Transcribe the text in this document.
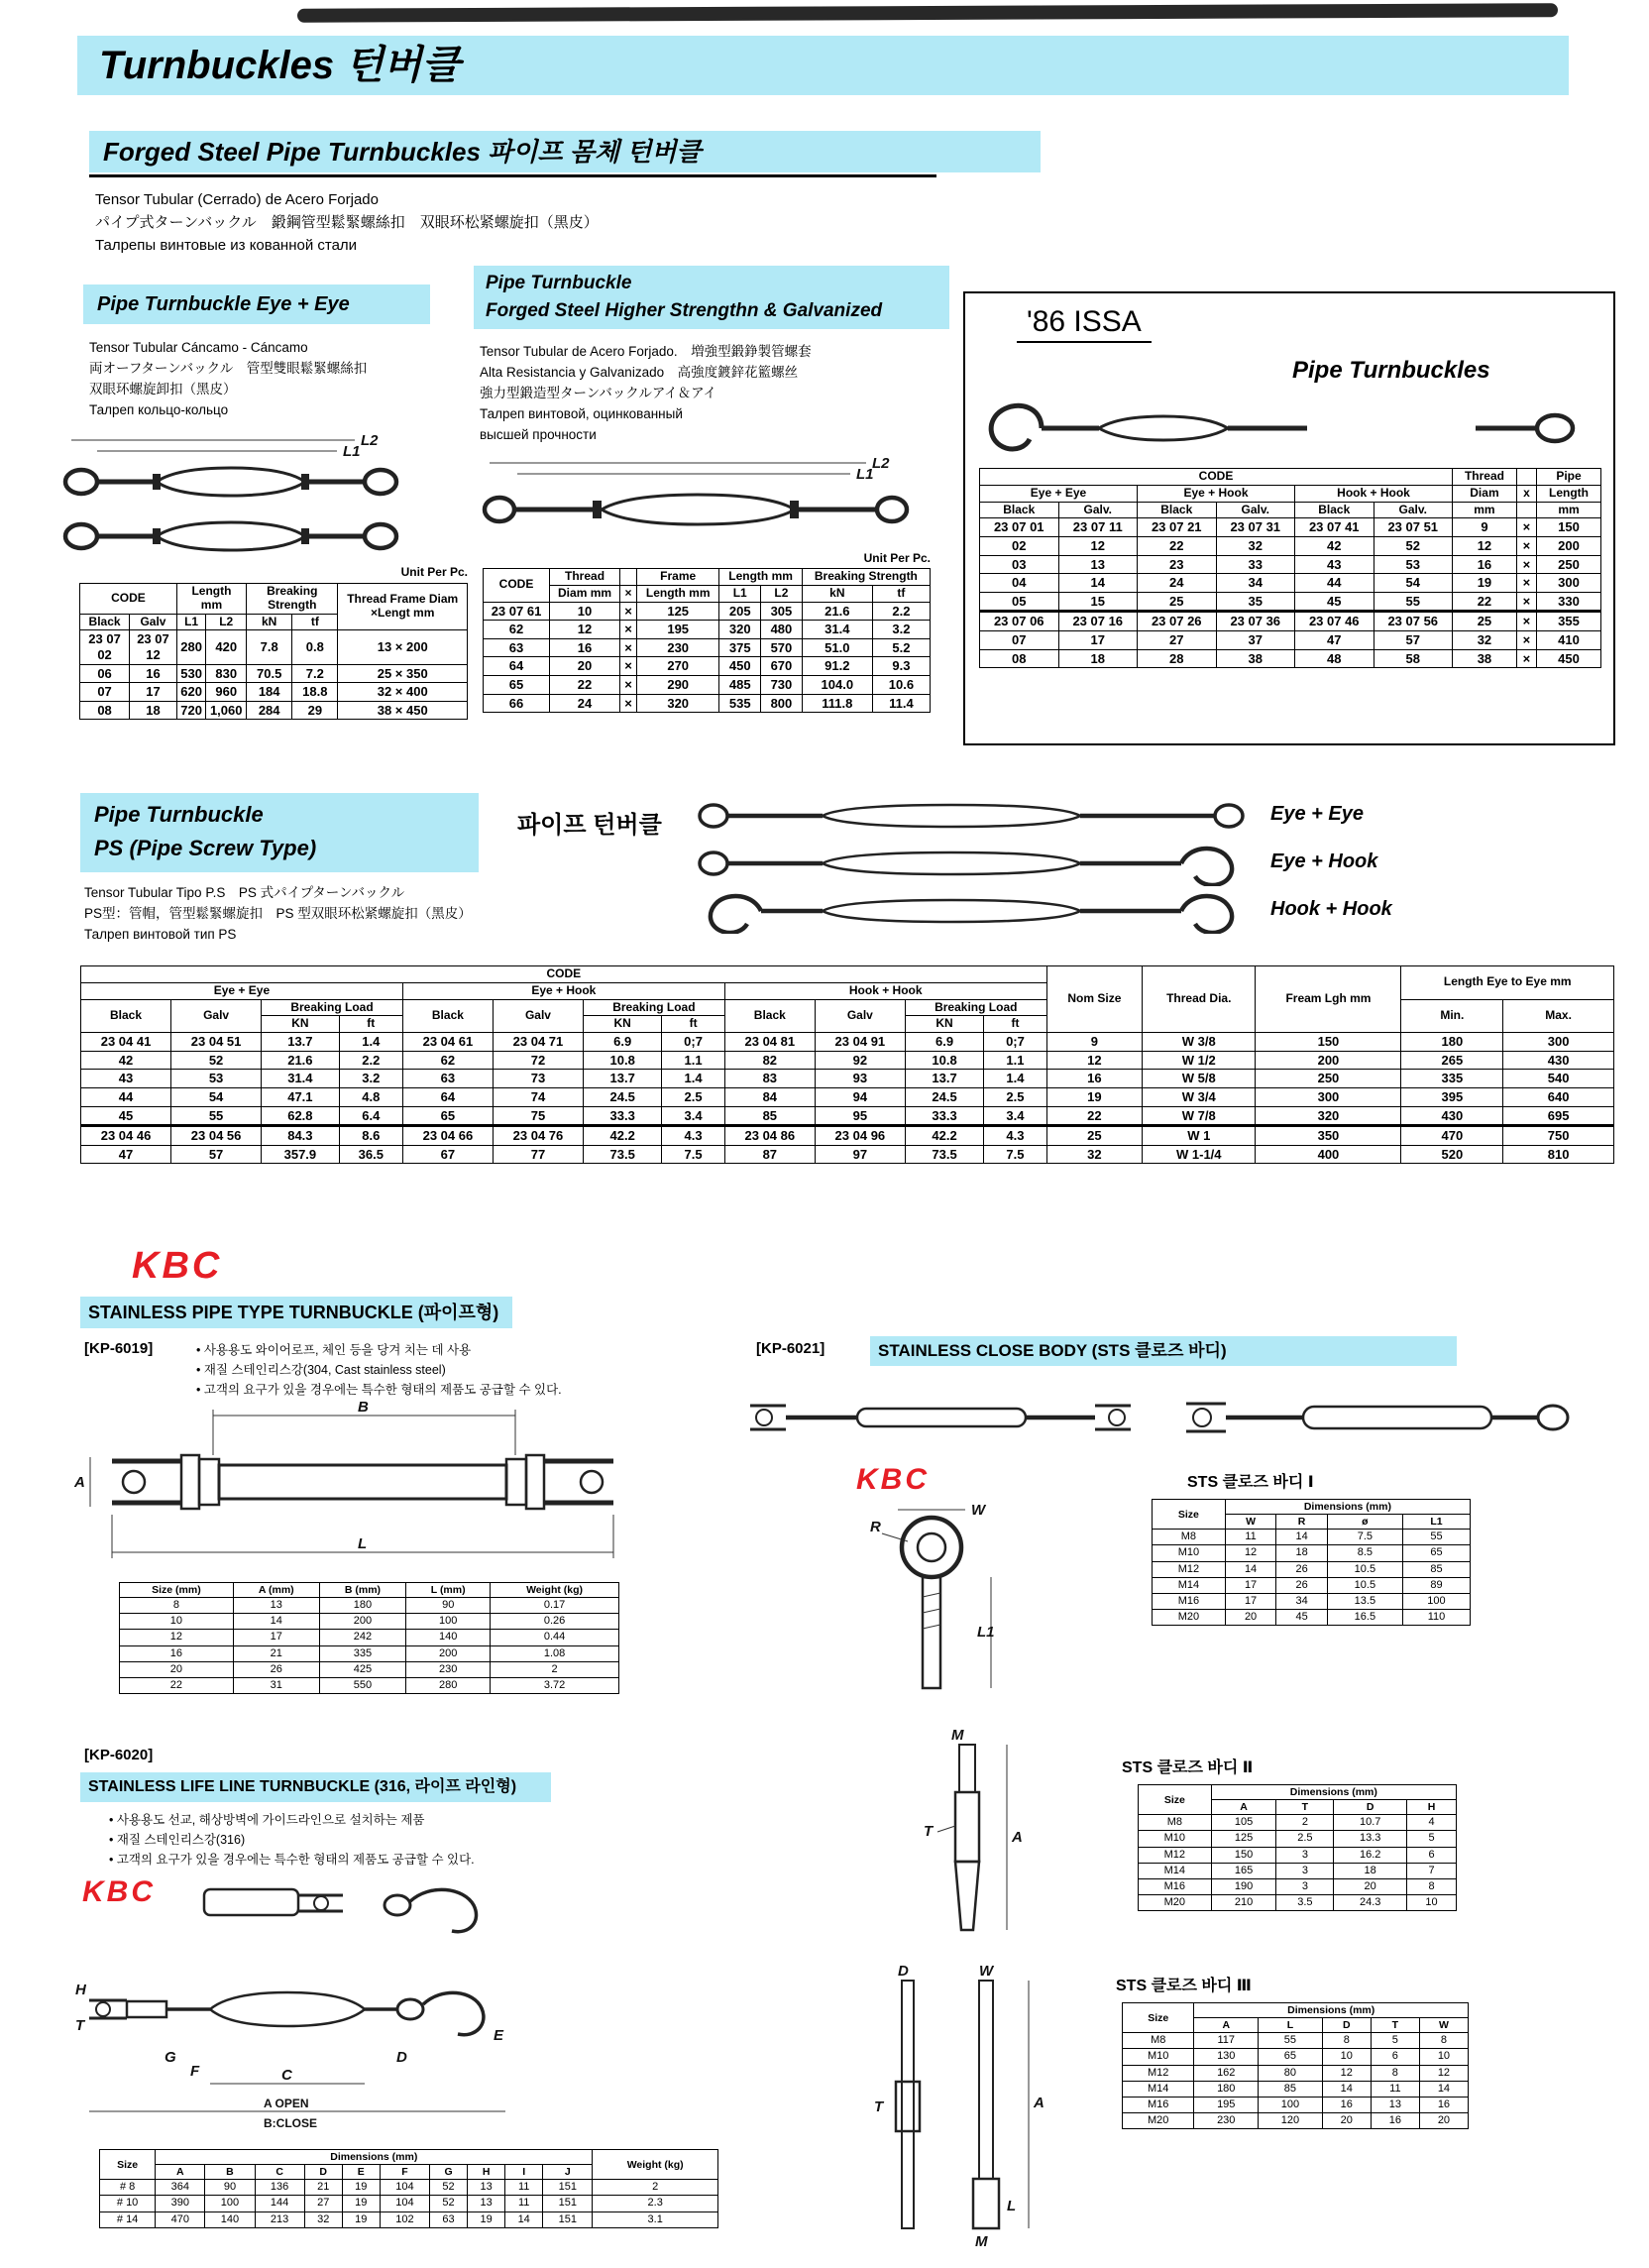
Turnbuckles 턴버클
Forged Steel Pipe Turnbuckles 파이프 몸체 턴버클
Tensor Tubular (Cerrado) de Acero Forjado
パイプ式ターンバックル　鍛鋼管型鬆緊螺絲扣　双眼环松紧螺旋扣（黑皮）
Талрепы винтовые из кованной стали
Pipe Turnbuckle Eye + Eye
Tensor Tubular Cáncamo - Cáncamo
両オーフターンバックル　管型雙眼鬆緊螺絲扣
双眼环螺旋卸扣（黑皮）
Талреп кольцо-кольцо
L1
L2
Unit Per Pc.
CODE		Length mm		Breaking Strength		Thread Frame Diam ×Lengt mm
Black	Galv	L1	L2	kN	tf	
23 07 02	23 07 12	280	420	7.8	0.8	13 × 200
06	16	530	830	70.5	7.2	25 × 350
07	17	620	960	184	18.8	32 × 400
08	18	720	1,060	284	29	38 × 450
Pipe Turnbuckle
Forged Steel Higher Strengthn & Galvanized
Tensor Tubular de Acero Forjado.　増強型鍛錚製管螺套
Alta Resistancia y Galvanizado　高強度鍍鋅花籃螺丝
強力型鍛造型ターンバックルアイ＆アイ
Талреп винтовой, оцинкованный
высшей прочности
L1
L2
Unit Per Pc.
CODE	Thread		Frame	Length mm		Breaking Strength	
	Diam mm	×	Length mm	L1	L2	kN	tf
23 07 61	10	×	125	205	305	21.6	2.2
62	12	×	195	320	480	31.4	3.2
63	16	×	230	375	570	51.0	5.2
64	20	×	270	450	670	91.2	9.3
65	22	×	290	485	730	104.0	10.6
66	24	×	320	535	800	111.8	11.4
'86 ISSA
Pipe Turnbuckles
CODE						Thread		Pipe
Eye + Eye		Eye + Hook		Hook + Hook		Diam	x	Length
Black	Galv.	Black	Galv.	Black	Galv.	mm		mm
23 07 01	23 07 11	23 07 21	23 07 31	23 07 41	23 07 51	9	×	150
02	12	22	32	42	52	12	×	200
03	13	23	33	43	53	16	×	250
04	14	24	34	44	54	19	×	300
05	15	25	35	45	55	22	×	330
23 07 06	23 07 16	23 07 26	23 07 36	23 07 46	23 07 56	25	×	355
07	17	27	37	47	57	32	×	410
08	18	28	38	48	58	38	×	450
Pipe Turnbuckle
PS (Pipe Screw Type)
파이프 턴버클	Eye + Eye
Eye + Hook
Hook + Hook
Tensor Tubular Tipo P.S　PS 式パイプターンバックル
PS型：管帽，管型鬆緊螺旋扣　PS 型双眼环松紧螺旋扣（黑皮）
Талреп винтовой тип PS
CODE												Nom Size	Thread Dia.	Fream Lgh mm	Length Eye to Eye mm	
Eye + Eye				Eye + Hook				Hook + Hook								
Black	Galv	Breaking Load		Black	Galv	Breaking Load		Black	Galv	Breaking Load					Min.	Max.
		KN	ft			KN	ft			KN	ft					
23 04 41	23 04 51	13.7	1.4	23 04 61	23 04 71	6.9	0;7	23 04 81	23 04 91	6.9	0;7	9	W 3/8	150	180	300
42	52	21.6	2.2	62	72	10.8	1.1	82	92	10.8	1.1	12	W 1/2	200	265	430
43	53	31.4	3.2	63	73	13.7	1.4	83	93	13.7	1.4	16	W 5/8	250	335	540
44	54	47.1	4.8	64	74	24.5	2.5	84	94	24.5	2.5	19	W 3/4	300	395	640
45	55	62.8	6.4	65	75	33.3	3.4	85	95	33.3	3.4	22	W 7/8	320	430	695
23 04 46	23 04 56	84.3	8.6	23 04 66	23 04 76	42.2	4.3	23 04 86	23 04 96	42.2	4.3	25	W 1	350	470	750
47	57	357.9	36.5	67	77	73.5	7.5	87	97	73.5	7.5	32	W 1-1/4	400	520	810
KBC
STAINLESS PIPE TYPE TURNBUCKLE (파이프형)
[KP-6019]	• 사용용도 와이어로프, 체인 등을 당겨 치는 데 사용
• 재질 스테인리스강(304, Cast stainless steel)
• 고객의 요구가 있을 경우에는 특수한 형태의 제품도 공급할 수 있다.
B
A
L
Size (mm)	A (mm)	B (mm)	L (mm)	Weight (kg)
8	13	180	90	0.17
10	14	200	100	0.26
12	17	242	140	0.44
16	21	335	200	1.08
20	26	425	230	2
22	31	550	280	3.72
[KP-6021]	STAINLESS CLOSE BODY (STS 클로즈 바디)
KBC
W
R
L1
STS 클로즈 바디 Ⅰ
Size	Dimensions (mm)			
	W	R	ø	L1
M8	11	14	7.5	55
M10	12	18	8.5	65
M12	14	26	10.5	85
M14	17	26	10.5	89
M16	17	34	13.5	100
M20	20	45	16.5	110
M
T	A
STS 클로즈 바디 Ⅱ
Size	Dimensions (mm)			
	A	T	D	H
M8	105	2	10.7	4
M10	125	2.5	13.3	5
M12	150	3	16.2	6
M14	165	3	18	7
M16	190	3	20	8
M20	210	3.5	24.3	10
D
T
W
A
L
M
STS 클로즈 바디 Ⅲ
Size	Dimensions (mm)				
	A	L	D	T	W
M8	117	55	8	5	8
M10	130	65	10	6	10
M12	162	80	12	8	12
M14	180	85	14	11	14
M16	195	100	16	13	16
M20	230	120	20	16	20
[KP-6020]
STAINLESS LIFE LINE TURNBUCKLE (316, 라이프 라인형)
• 사용용도 선교, 해상방벽에 가이드라인으로 설치하는 제품
• 재질 스테인리스강(316)
• 고객의 요구가 있을 경우에는 특수한 형태의 제품도 공급할 수 있다.
KBC
H
T
G
F
D
E
C
A OPEN
B:CLOSE
Size	Dimensions (mm)										Weight (kg)
	A	B	C	D	E	F	G	H	I	J	
# 8	364	90	136	21	19	104	52	13	11	151	2
# 10	390	100	144	27	19	104	52	13	11	151	2.3
# 14	470	140	213	32	19	102	63	19	14	151	3.1
